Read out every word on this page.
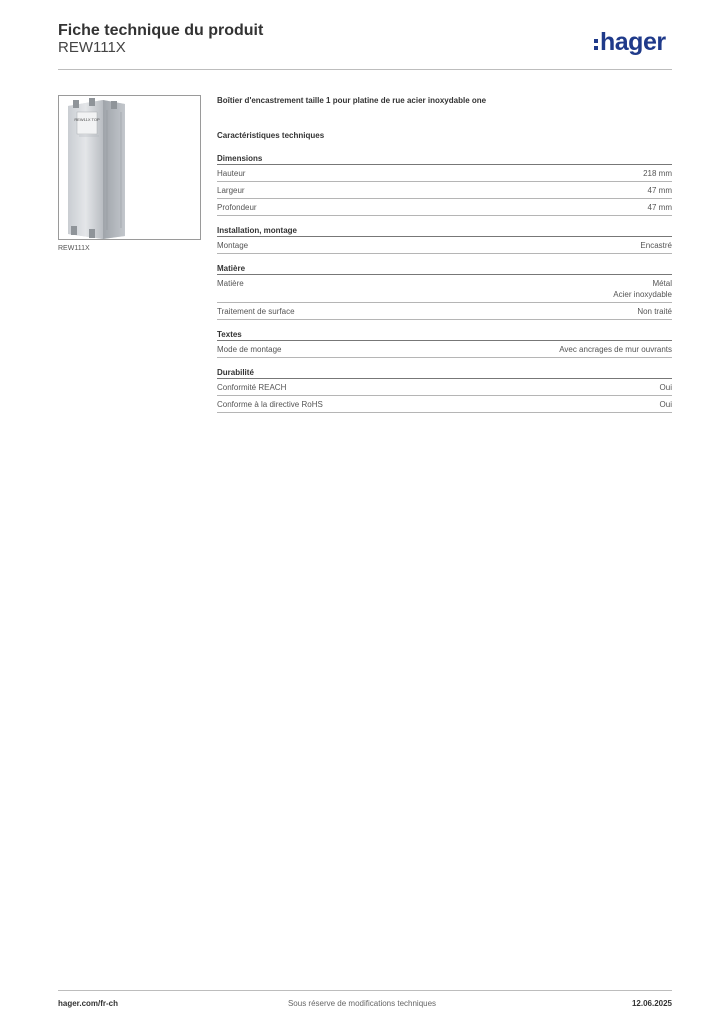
Fiche technique du produit
REW111X	hager
REW11X TOP
REW111X
Boîtier d'encastrement taille 1 pour platine de rue acier inoxydable one
Caractéristiques techniques
Dimensions
Hauteur	218 mm
Largeur	47 mm
Profondeur	47 mm
Installation, montage
Montage	Encastré
Matière
Matière	Métal
Acier inoxydable
Traitement de surface	Non traité
Textes
Mode de montage	Avec ancrages de mur ouvrants
Durabilité
Conformité REACH	Oui
Conforme à la directive RoHS	Oui
hager.com/fr-ch	Sous réserve de modifications techniques	12.06.2025
